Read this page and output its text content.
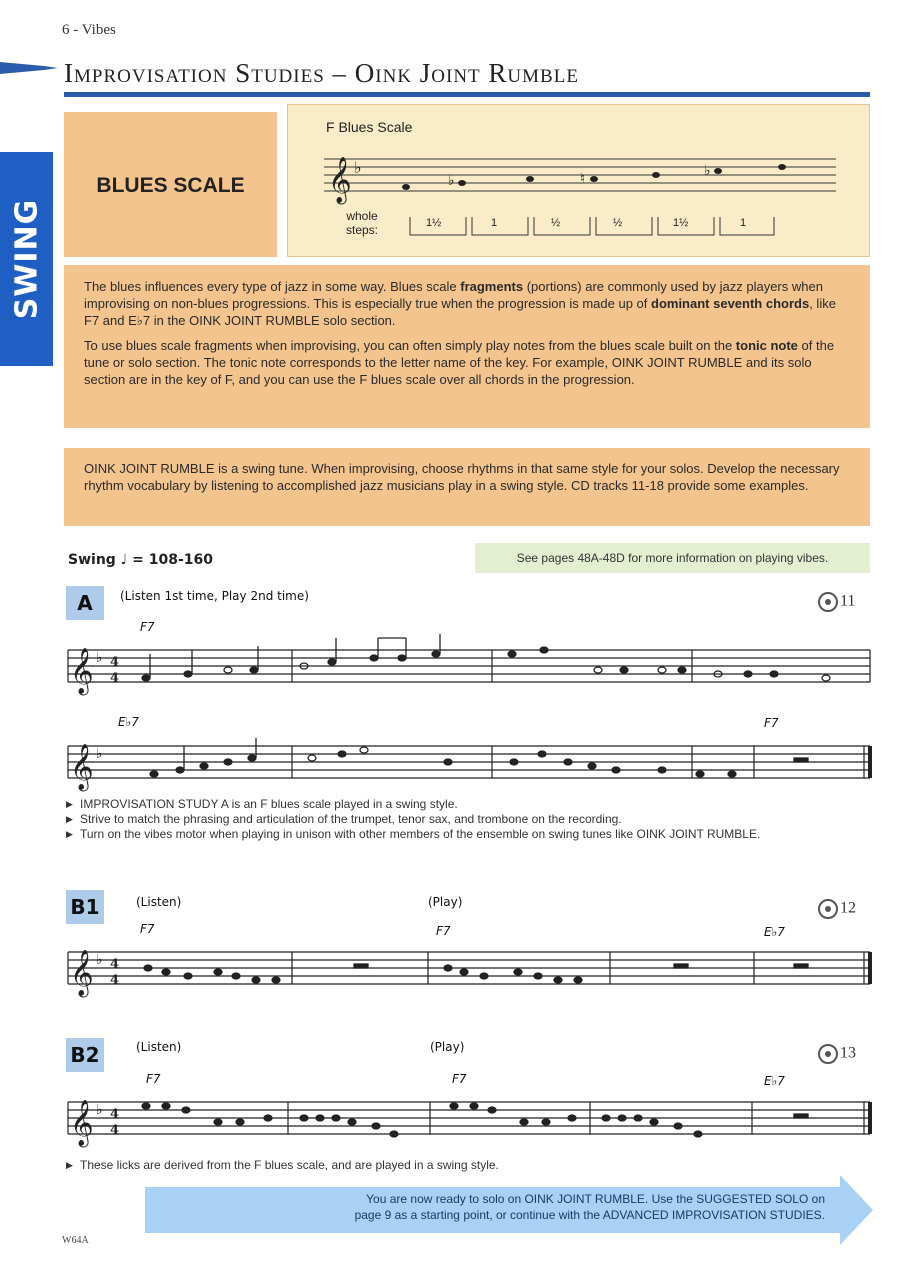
6 - Vibes
Improvisation Studies – Oink Joint Rumble
SWING
BLUES SCALE
F Blues Scale
𝄞 ♭
♭	♮	♭
whole
steps:	1½	1	½	½	1½	1

The blues influences every type of jazz in some way. Blues scale fragments (portions) are commonly used by jazz players when improvising on non-blues progressions. This is especially true when the progression is made up of dominant seventh chords, like F7 and E♭7 in the OINK JOINT RUMBLE solo section.

To use blues scale fragments when improvising, you can often simply play notes from the blues scale built on the tonic note of the tune or solo section. The tonic note corresponds to the letter name of the key. For example, OINK JOINT RUMBLE and its solo section are in the key of F, and you can use the F blues scale over all chords in the progression.

OINK JOINT RUMBLE is a swing tune. When improvising, choose rhythms in that same style for your solos. Develop the necessary rhythm vocabulary by listening to accomplished jazz musicians play in a swing style. CD tracks 11-18 provide some examples.

Swing ♩ = 108-160	See pages 48A-48D for more information on playing vibes.
A	(Listen 1st time, Play 2nd time)	11
F7
E♭7	F7
𝄞 ♭ 4
4
𝄞 ♭
▶ IMPROVISATION STUDY A is an F blues scale played in a swing style.
▶ Strive to match the phrasing and articulation of the trumpet, tenor sax, and trombone on the recording.
▶ Turn on the vibes motor when playing in unison with other members of the ensemble on swing tunes like OINK JOINT RUMBLE.
B1	(Listen)	(Play)	12
F7	F7	E♭7
𝄞 ♭ 4
4
B2	(Listen)	(Play)	13
F7	F7	E♭7
𝄞 ♭ 4
4
▶ These licks are derived from the F blues scale, and are played in a swing style.
You are now ready to solo on OINK JOINT RUMBLE. Use the SUGGESTED SOLO on
page 9 as a starting point, or continue with the ADVANCED IMPROVISATION STUDIES.
W64A
